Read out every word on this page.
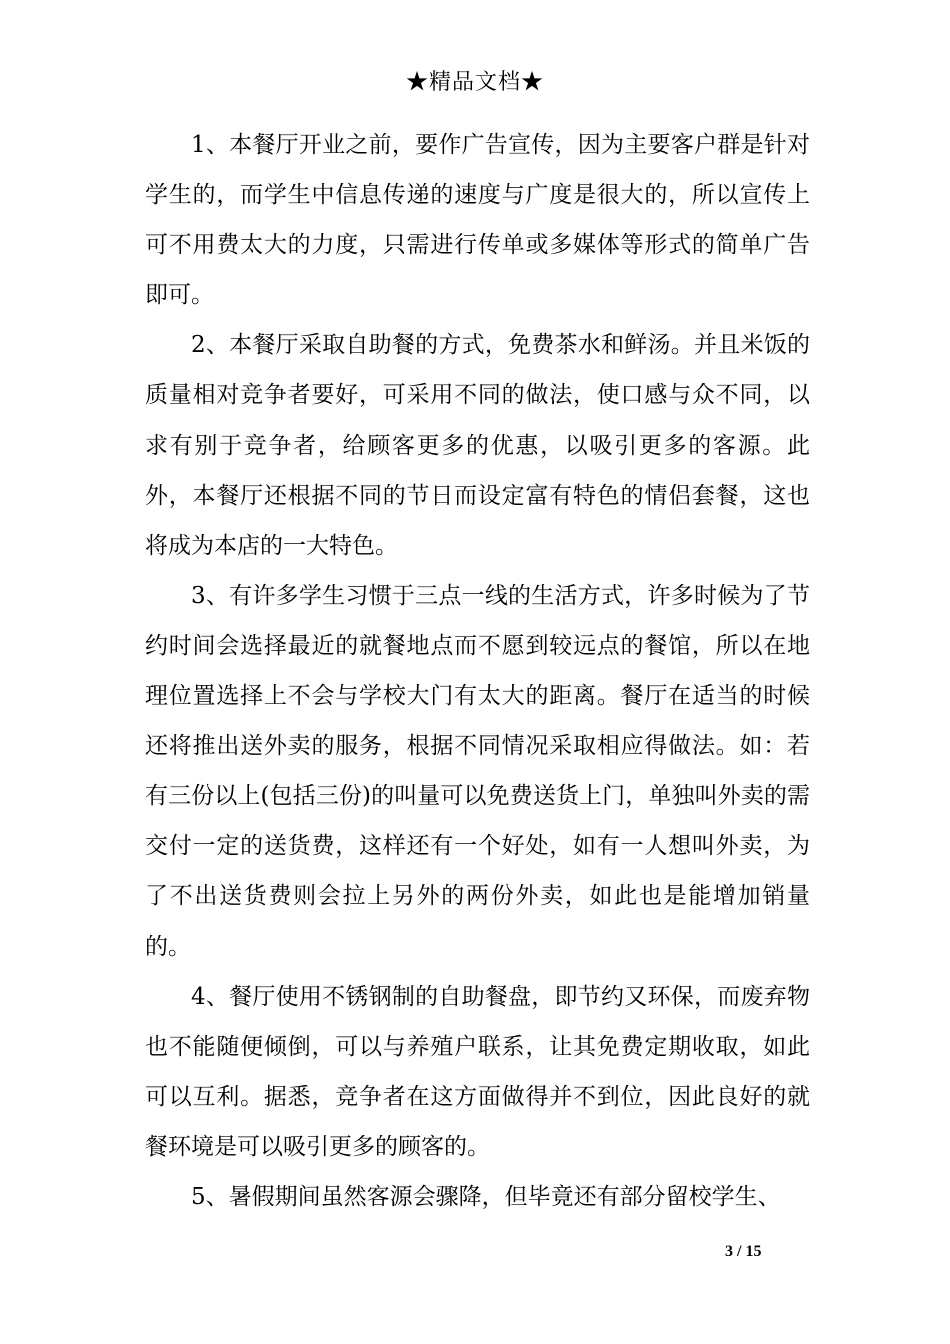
★精品文档★

1、本餐厅开业之前，要作广告宣传，因为主要客户群是针对学生的，而学生中信息传递的速度与广度是很大的，所以宣传上可不用费太大的力度，只需进行传单或多媒体等形式的简单广告即可。

2、本餐厅采取自助餐的方式，免费茶水和鲜汤。并且米饭的质量相对竞争者要好，可采用不同的做法，使口感与众不同，以求有别于竞争者，给顾客更多的优惠，以吸引更多的客源。此外，本餐厅还根据不同的节日而设定富有特色的情侣套餐，这也将成为本店的一大特色。

3、有许多学生习惯于三点一线的生活方式，许多时候为了节约时间会选择最近的就餐地点而不愿到较远点的餐馆，所以在地理位置选择上不会与学校大门有太大的距离。餐厅在适当的时候还将推出送外卖的服务，根据不同情况采取相应得做法。如：若有三份以上(包括三份)的叫量可以免费送货上门，单独叫外卖的需交付一定的送货费，这样还有一个好处，如有一人想叫外卖，为了不出送货费则会拉上另外的两份外卖，如此也是能增加销量的。

4、餐厅使用不锈钢制的自助餐盘，即节约又环保，而废弃物也不能随便倾倒，可以与养殖户联系，让其免费定期收取，如此可以互利。据悉，竞争者在这方面做得并不到位，因此良好的就餐环境是可以吸引更多的顾客的。

5、暑假期间虽然客源会骤降，但毕竟还有部分留校学生、

3 / 15
